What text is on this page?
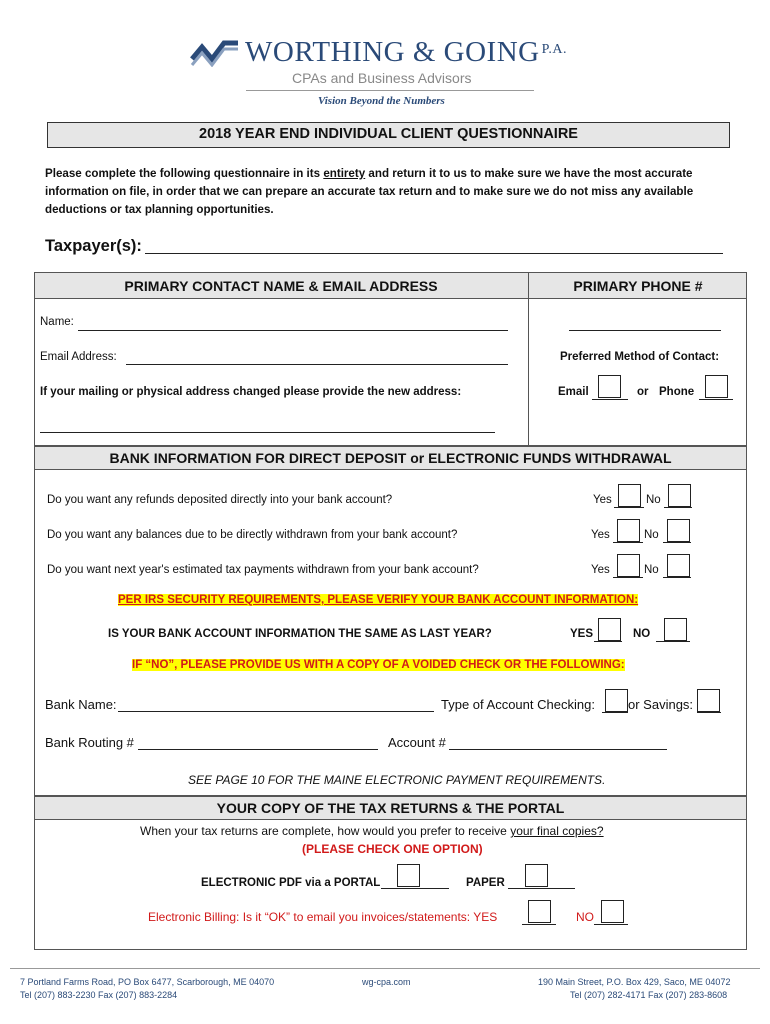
WORTHING & GOING $^{P.A.}$
CPAs and Business Advisors
Vision Beyond the Numbers
2018 YEAR END INDIVIDUAL CLIENT QUESTIONNAIRE
Please complete the following questionnaire in its entirety and return it to us to make sure we have the most accurate information on file, in order that we can prepare an accurate tax return and to make sure we do not miss any available deductions or tax planning opportunities.
Taxpayer(s):
PRIMARY CONTACT NAME & EMAIL ADDRESS	PRIMARY PHONE #
Name:
Email Address:	Preferred Method of Contact:
If your mailing or physical address changed please provide the new address:	Email	or Phone
BANK INFORMATION FOR DIRECT DEPOSIT or ELECTRONIC FUNDS WITHDRAWAL
Do you want any refunds deposited directly into your bank account?	Yes	No
Do you want any balances due to be directly withdrawn from your bank account?	Yes	No
Do you want next year's estimated tax payments withdrawn from your bank account?	Yes	No
PER IRS SECURITY REQUIREMENTS, PLEASE VERIFY YOUR BANK ACCOUNT INFORMATION:
IS YOUR BANK ACCOUNT INFORMATION THE SAME AS LAST YEAR?	YES	NO
IF “NO”, PLEASE PROVIDE US WITH A COPY OF A VOIDED CHECK OR THE FOLLOWING:
Bank Name:	Type of Account Checking:	or Savings:
Bank Routing #	Account #
SEE PAGE 10 FOR THE MAINE ELECTRONIC PAYMENT REQUIREMENTS.
YOUR COPY OF THE TAX RETURNS & THE PORTAL
When your tax returns are complete, how would you prefer to receive your final copies?
(PLEASE CHECK ONE OPTION)
ELECTRONIC PDF via a PORTAL	PAPER
Electronic Billing: Is it “OK” to email you invoices/statements: YES	NO
7 Portland Farms Road, PO Box 6477, Scarborough, ME 04070
Tel (207) 883-2230 Fax (207) 883-2284
wg-cpa.com	190 Main Street, P.O. Box 429, Saco, ME 04072
Tel (207) 282-4171 Fax (207) 283-8608
